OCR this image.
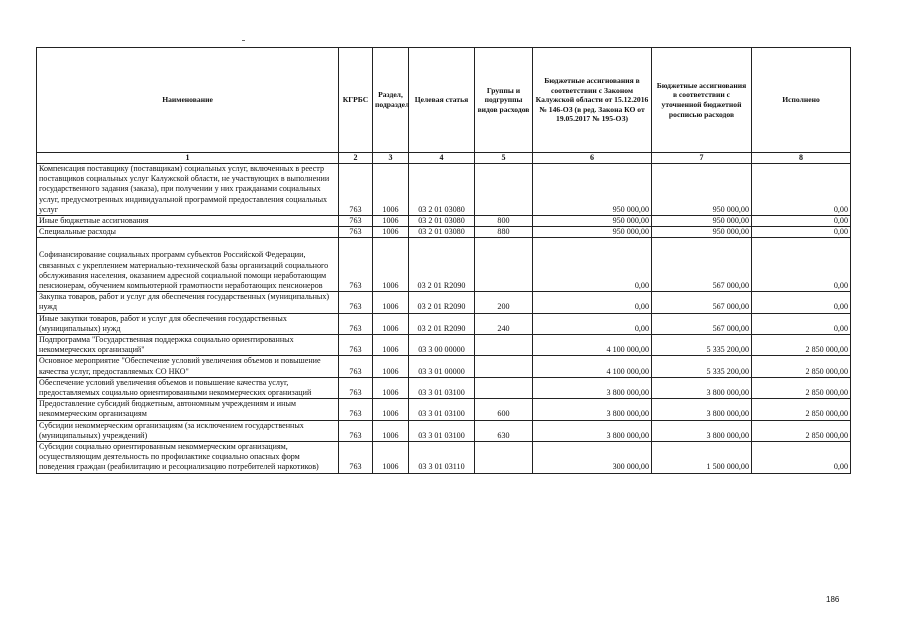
Наименование	КГРБС	Раздел, подраздел	Целевая статья	Группы и подгруппы видов расходов	Бюджетные ассигнования в соответствии с Законом Калужской области от 15.12.2016 № 146-ОЗ (в ред. Закона КО от 19.05.2017 № 195-ОЗ)	Бюджетные ассигнования в соответствии с уточненной бюджетной росписью расходов	Исполнено
1	2	3	4	5	6	7	8
Компенсация поставщику (поставщикам) социальных услуг, включенных в реестр поставщиков социальных услуг Калужской области, не участвующих в выполнении государственного задания (заказа), при получении у них гражданами социальных услуг, предусмотренных индивидуальной программой предоставления социальных услуг	763	1006	03 2 01 03080		950 000,00	950 000,00	0,00
Иные бюджетные ассигнования	763	1006	03 2 01 03080	800	950 000,00	950 000,00	0,00
Специальные расходы	763	1006	03 2 01 03080	880	950 000,00	950 000,00	0,00
Софинансирование социальных программ субъектов Российской Федерации, связанных с укреплением материально-технической базы организаций социального обслуживания населения, оказанием адресной социальной помощи неработающим пенсионерам, обучением компьютерной грамотности неработающих пенсионеров	763	1006	03 2 01 R2090		0,00	567 000,00	0,00
Закупка товаров, работ и услуг для обеспечения государственных (муниципальных) нужд	763	1006	03 2 01 R2090	200	0,00	567 000,00	0,00
Иные закупки товаров, работ и услуг для обеспечения государственных (муниципальных) нужд	763	1006	03 2 01 R2090	240	0,00	567 000,00	0,00
Подпрограмма "Государственная поддержка социально ориентированных некоммерческих организаций"	763	1006	03 3 00 00000		4 100 000,00	5 335 200,00	2 850 000,00
Основное мероприятие "Обеспечение условий увеличения объемов и повышение качества услуг, предоставляемых СО НКО"	763	1006	03 3 01 00000		4 100 000,00	5 335 200,00	2 850 000,00
Обеспечение условий увеличения объемов и повышение качества услуг, предоставляемых социально ориентированными некоммерческих организаций	763	1006	03 3 01 03100		3 800 000,00	3 800 000,00	2 850 000,00
Предоставление субсидий бюджетным, автономным учреждениям и иным некоммерческим организациям	763	1006	03 3 01 03100	600	3 800 000,00	3 800 000,00	2 850 000,00
Субсидии некоммерческим организациям (за исключением государственных (муниципальных) учреждений)	763	1006	03 3 01 03100	630	3 800 000,00	3 800 000,00	2 850 000,00
Субсидии социально ориентированным некоммерческим организациям, осуществляющим деятельность по профилактике социально опасных форм поведения граждан (реабилитацию и ресоциализацию потребителей наркотиков)	763	1006	03 3 01 03110		300 000,00	1 500 000,00	0,00
186
